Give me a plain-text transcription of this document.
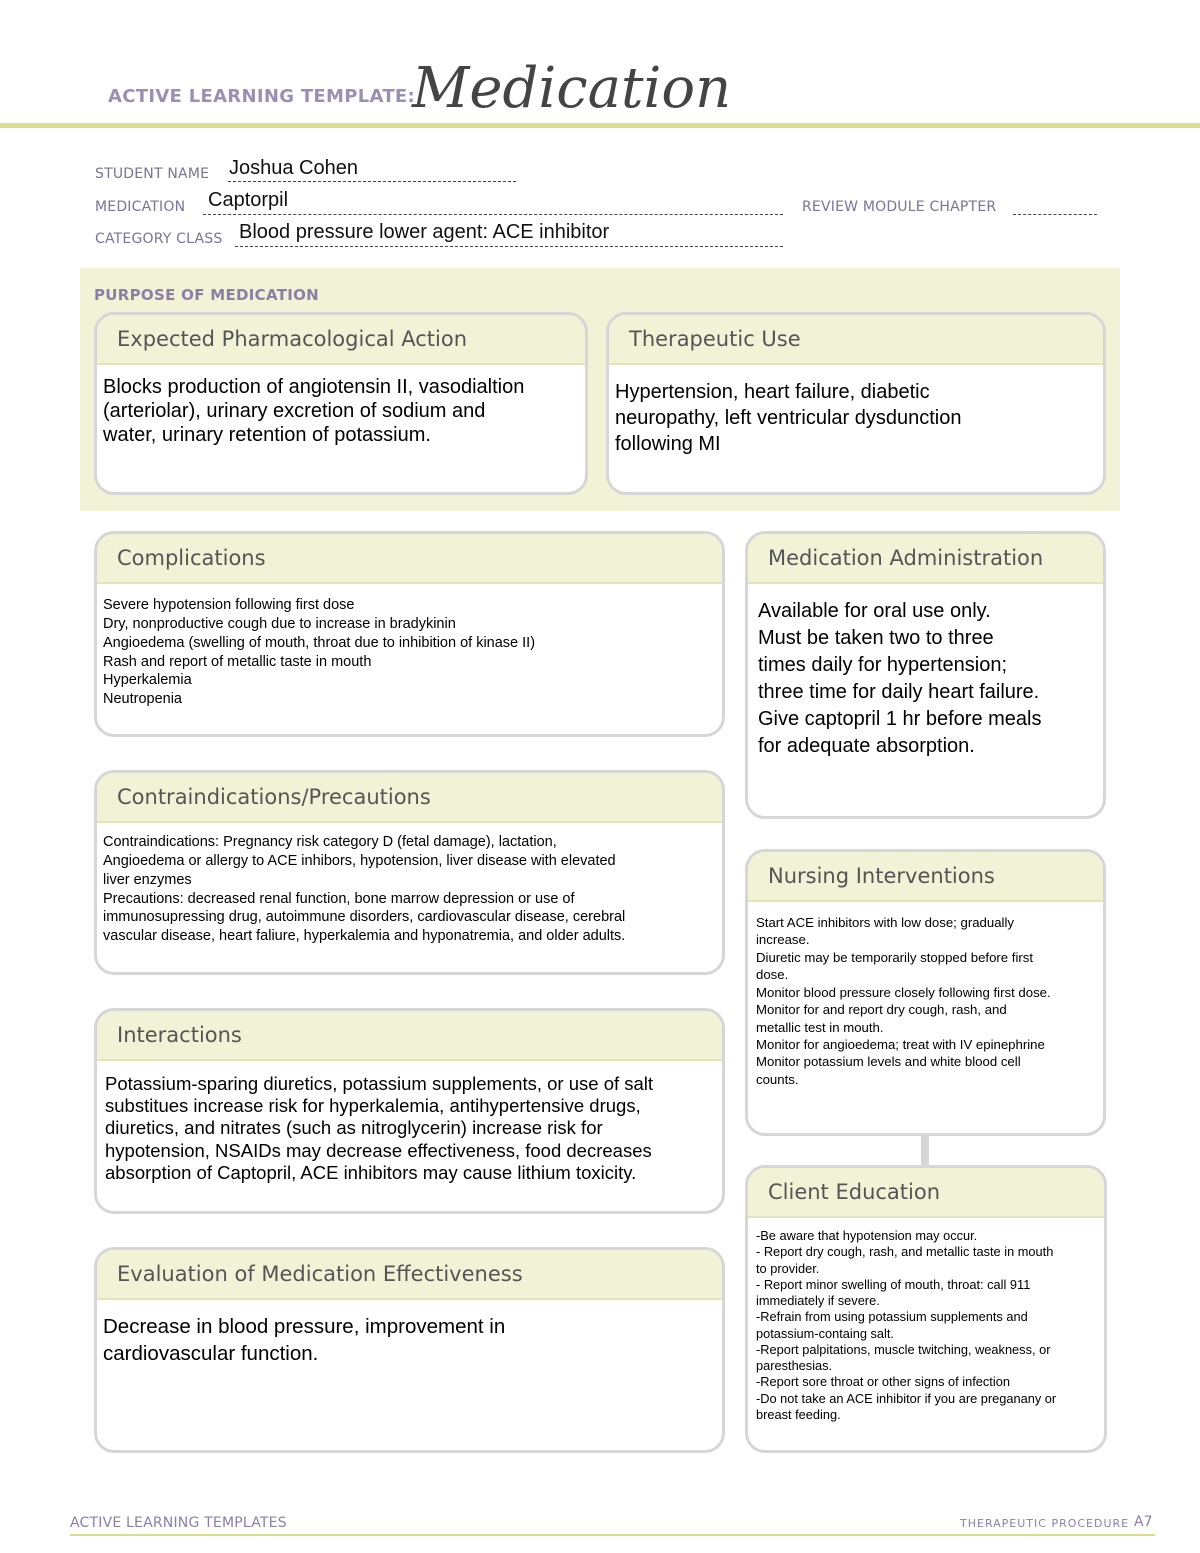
ACTIVE LEARNING TEMPLATE:
Medication
STUDENT NAME Joshua Cohen
MEDICATION Captorpil	REVIEW MODULE CHAPTER
CATEGORY CLASS Blood pressure lower agent: ACE inhibitor
PURPOSE OF MEDICATION
Expected Pharmacological Action
Blocks production of angiotensin II, vasodialtion
(arteriolar), urinary excretion of sodium and
water, urinary retention of potassium.
Therapeutic Use
Hypertension, heart failure, diabetic
neuropathy, left ventricular dysdunction
following MI
Complications
Severe hypotension following first dose
Dry, nonproductive cough due to increase in bradykinin
Angioedema (swelling of mouth, throat due to inhibition of kinase II)
Rash and report of metallic taste in mouth
Hyperkalemia
Neutropenia
Medication Administration
Available for oral use only.
Must be taken two to three
times daily for hypertension;
three time for daily heart failure.
Give captopril 1 hr before meals
for adequate absorption.
Contraindications/Precautions
Contraindications: Pregnancy risk category D (fetal damage), lactation,
Angioedema or allergy to ACE inhibors, hypotension, liver disease with elevated
liver enzymes
Precautions: decreased renal function, bone marrow depression or use of
immunosupressing drug, autoimmune disorders, cardiovascular disease, cerebral
vascular disease, heart faliure, hyperkalemia and hyponatremia, and older adults.
Nursing Interventions
Start ACE inhibitors with low dose; gradually
increase.
Diuretic may be temporarily stopped before first
dose.
Monitor blood pressure closely following first dose.
Monitor for and report dry cough, rash, and
metallic test in mouth.
Monitor for angioedema; treat with IV epinephrine
Monitor potassium levels and white blood cell
counts.
Interactions
Potassium-sparing diuretics, potassium supplements, or use of salt
substitues increase risk for hyperkalemia, antihypertensive drugs,
diuretics, and nitrates (such as nitroglycerin) increase risk for
hypotension, NSAIDs may decrease effectiveness, food decreases
absorption of Captopril, ACE inhibitors may cause lithium toxicity.
Client Education
-Be aware that hypotension may occur.
- Report dry cough, rash, and metallic taste in mouth
to provider.
- Report minor swelling of mouth, throat: call 911
immediately if severe.
-Refrain from using potassium supplements and
potassium-containg salt.
-Report palpitations, muscle twitching, weakness, or
paresthesias.
-Report sore throat or other signs of infection
-Do not take an ACE inhibitor if you are preganany or
breast feeding.
Evaluation of Medication Effectiveness
Decrease in blood pressure, improvement in
cardiovascular function.
ACTIVE LEARNING TEMPLATES	THERAPEUTIC PROCEDURE A7
